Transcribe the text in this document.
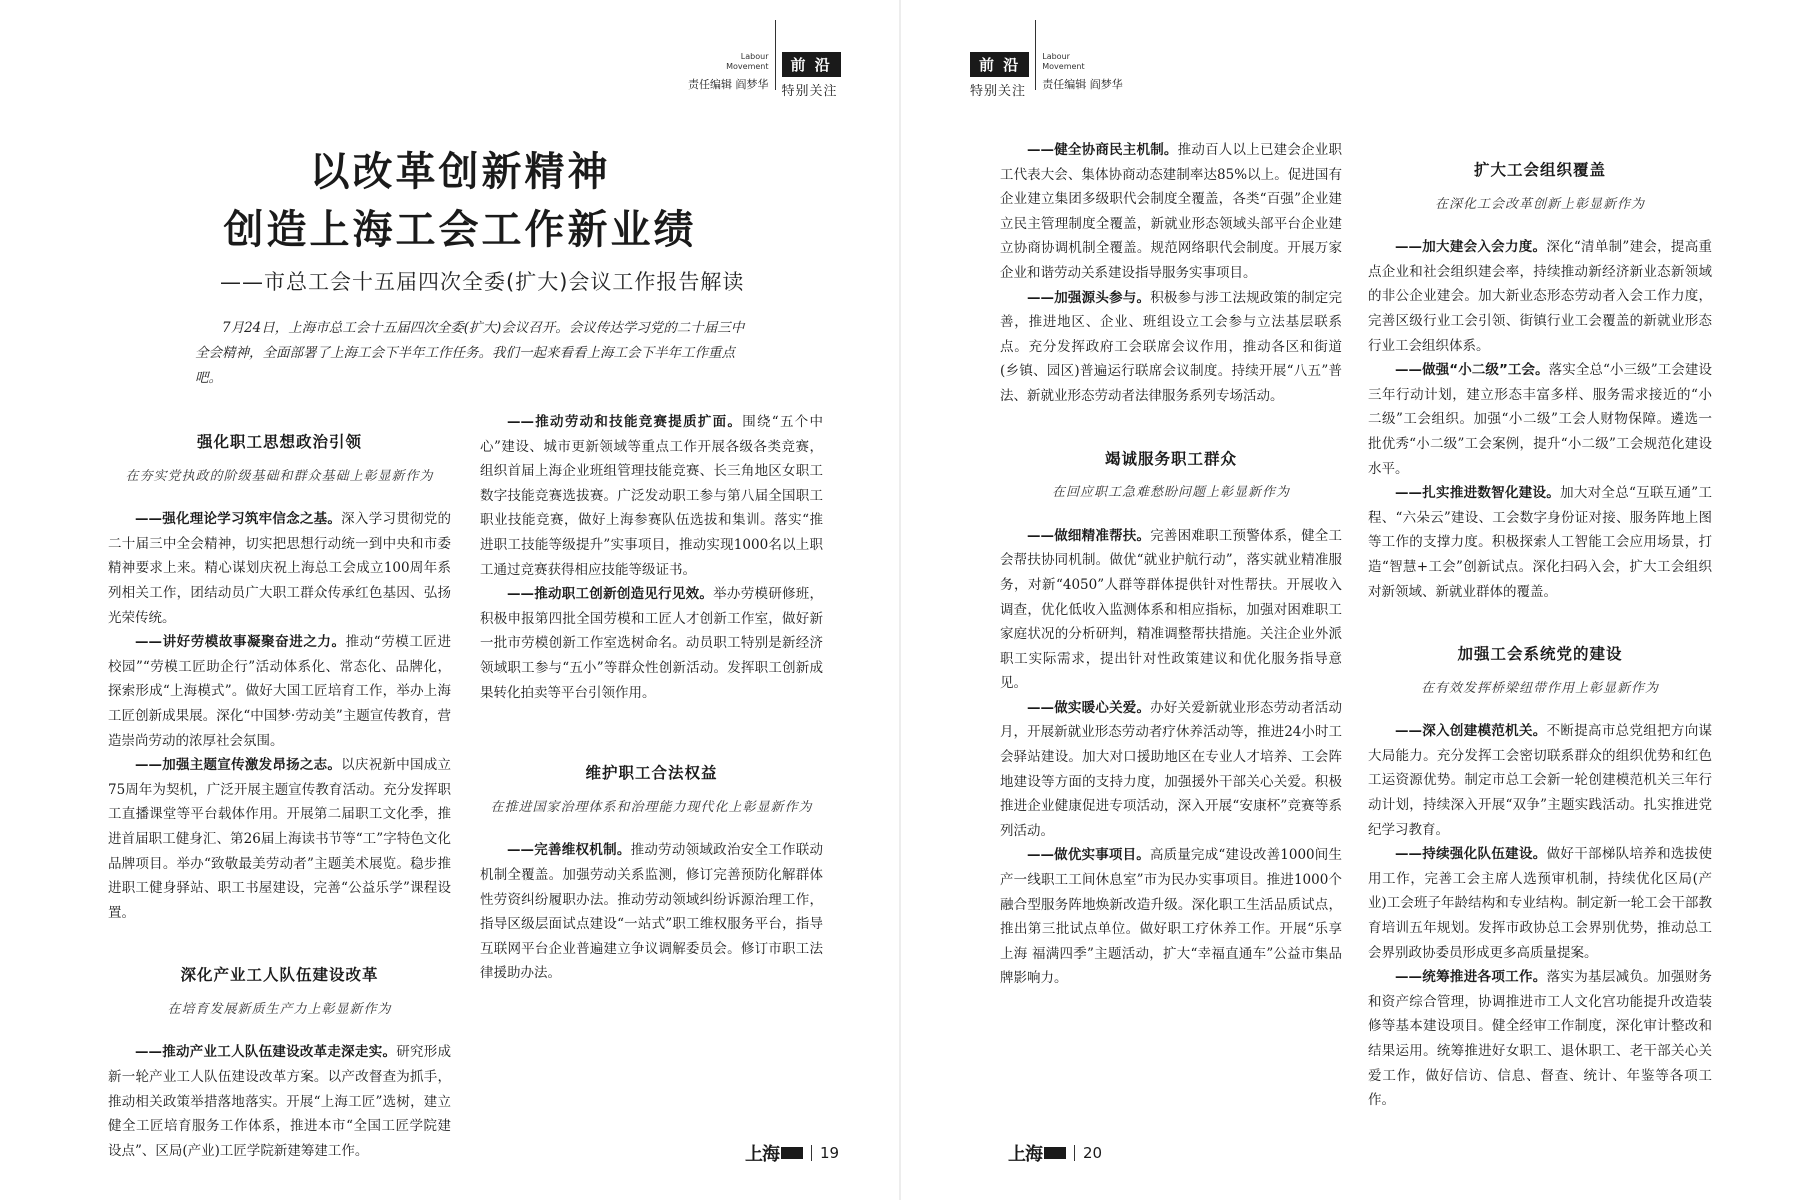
Labour
Movement
责任编辑 阎梦华
前 沿
特别关注
以改革创新精神
创造上海工会工作新业绩
——市总工会十五届四次全委(扩大)会议工作报告解读
7月24日，上海市总工会十五届四次全委(扩大)会议召开。会议传达学习党的二十届三中全会精神，全面部署了上海工会下半年工作任务。我们一起来看看上海工会下半年工作重点吧。
强化职工思想政治引领
在夯实党执政的阶级基础和群众基础上彰显新作为

——强化理论学习筑牢信念之基。深入学习贯彻党的二十届三中全会精神，切实把思想行动统一到中央和市委精神要求上来。精心谋划庆祝上海总工会成立100周年系列相关工作，团结动员广大职工群众传承红色基因、弘扬光荣传统。

——讲好劳模故事凝聚奋进之力。推动“劳模工匠进校园”“劳模工匠助企行”活动体系化、常态化、品牌化，探索形成“上海模式”。做好大国工匠培育工作，举办上海工匠创新成果展。深化“中国梦·劳动美”主题宣传教育，营造崇尚劳动的浓厚社会氛围。

——加强主题宣传激发昂扬之志。以庆祝新中国成立75周年为契机，广泛开展主题宣传教育活动。充分发挥职工直播课堂等平台载体作用。开展第二届职工文化季，推进首届职工健身汇、第26届上海读书节等“工”字特色文化品牌项目。举办“致敬最美劳动者”主题美术展览。稳步推进职工健身驿站、职工书屋建设，完善“公益乐学”课程设置。

深化产业工人队伍建设改革
在培育发展新质生产力上彰显新作为

——推动产业工人队伍建设改革走深走实。研究形成新一轮产业工人队伍建设改革方案。以产改督查为抓手，推动相关政策举措落地落实。开展“上海工匠”选树，建立健全工匠培育服务工作体系，推进本市“全国工匠学院建设点”、区局(产业)工匠学院新建筹建工作。

——推动劳动和技能竞赛提质扩面。围绕“五个中心”建设、城市更新领域等重点工作开展各级各类竞赛，组织首届上海企业班组管理技能竞赛、长三角地区女职工数字技能竞赛选拔赛。广泛发动职工参与第八届全国职工职业技能竞赛，做好上海参赛队伍选拔和集训。落实“推进职工技能等级提升”实事项目，推动实现1000名以上职工通过竞赛获得相应技能等级证书。

——推动职工创新创造见行见效。举办劳模研修班，积极申报第四批全国劳模和工匠人才创新工作室，做好新一批市劳模创新工作室选树命名。动员职工特别是新经济领域职工参与“五小”等群众性创新活动。发挥职工创新成果转化拍卖等平台引领作用。

维护职工合法权益
在推进国家治理体系和治理能力现代化上彰显新作为

——完善维权机制。推动劳动领域政治安全工作联动机制全覆盖。加强劳动关系监测，修订完善预防化解群体性劳资纠纷履职办法。推动劳动领域纠纷诉源治理工作，指导区级层面试点建设“一站式”职工维权服务平台，指导互联网平台企业普遍建立争议调解委员会。修订市职工法律援助办法。

上海	19
前 沿
特别关注
Labour
Movement
责任编辑 阎梦华

——健全协商民主机制。推动百人以上已建会企业职工代表大会、集体协商动态建制率达85%以上。促进国有企业建立集团多级职代会制度全覆盖，各类“百强”企业建立民主管理制度全覆盖，新就业形态领域头部平台企业建立协商协调机制全覆盖。规范网络职代会制度。开展万家企业和谐劳动关系建设指导服务实事项目。

——加强源头参与。积极参与涉工法规政策的制定完善，推进地区、企业、班组设立工会参与立法基层联系点。充分发挥政府工会联席会议作用，推动各区和街道(乡镇、园区)普遍运行联席会议制度。持续开展“八五”普法、新就业形态劳动者法律服务系列专场活动。

竭诚服务职工群众
在回应职工急难愁盼问题上彰显新作为

——做细精准帮扶。完善困难职工预警体系，健全工会帮扶协同机制。做优“就业护航行动”，落实就业精准服务，对新“4050”人群等群体提供针对性帮扶。开展收入调查，优化低收入监测体系和相应指标，加强对困难职工家庭状况的分析研判，精准调整帮扶措施。关注企业外派职工实际需求，提出针对性政策建议和优化服务指导意见。

——做实暖心关爱。办好关爱新就业形态劳动者活动月，开展新就业形态劳动者疗休养活动等，推进24小时工会驿站建设。加大对口援助地区在专业人才培养、工会阵地建设等方面的支持力度，加强援外干部关心关爱。积极推进企业健康促进专项活动，深入开展“安康杯”竞赛等系列活动。

——做优实事项目。高质量完成“建设改善1000间生产一线职工工间休息室”市为民办实事项目。推进1000个融合型服务阵地焕新改造升级。深化职工生活品质试点，推出第三批试点单位。做好职工疗休养工作。开展“乐享上海 福满四季”主题活动，扩大“幸福直通车”公益市集品牌影响力。

扩大工会组织覆盖
在深化工会改革创新上彰显新作为

——加大建会入会力度。深化“清单制”建会，提高重点企业和社会组织建会率，持续推动新经济新业态新领域的非公企业建会。加大新业态形态劳动者入会工作力度，完善区级行业工会引领、街镇行业工会覆盖的新就业形态行业工会组织体系。

——做强“小二级”工会。落实全总“小三级”工会建设三年行动计划，建立形态丰富多样、服务需求接近的“小二级”工会组织。加强“小二级”工会人财物保障。遴选一批优秀“小二级”工会案例，提升“小二级”工会规范化建设水平。

——扎实推进数智化建设。加大对全总“互联互通”工程、“六朵云”建设、工会数字身份证对接、服务阵地上图等工作的支撑力度。积极探索人工智能工会应用场景，打造“智慧+工会”创新试点。深化扫码入会，扩大工会组织对新领域、新就业群体的覆盖。

加强工会系统党的建设
在有效发挥桥梁纽带作用上彰显新作为

——深入创建模范机关。不断提高市总党组把方向谋大局能力。充分发挥工会密切联系群众的组织优势和红色工运资源优势。制定市总工会新一轮创建模范机关三年行动计划，持续深入开展“双争”主题实践活动。扎实推进党纪学习教育。

——持续强化队伍建设。做好干部梯队培养和选拔使用工作，完善工会主席人选预审机制，持续优化区局(产业)工会班子年龄结构和专业结构。制定新一轮工会干部教育培训五年规划。发挥市政协总工会界别优势，推动总工会界别政协委员形成更多高质量提案。

——统筹推进各项工作。落实为基层减负。加强财务和资产综合管理，协调推进市工人文化宫功能提升改造装修等基本建设项目。健全经审工作制度，深化审计整改和结果运用。统筹推进好女职工、退休职工、老干部关心关爱工作，做好信访、信息、督查、统计、年鉴等各项工作。

上海	20
